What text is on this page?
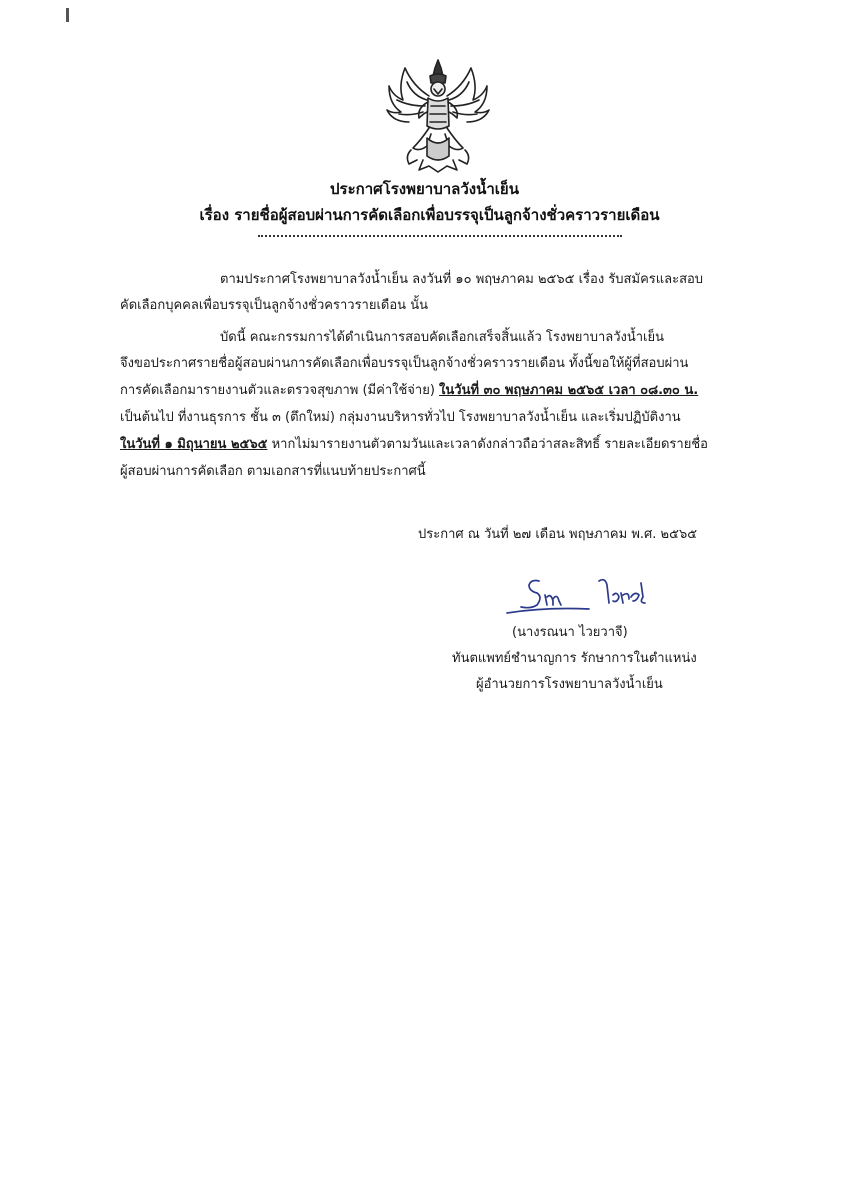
ประกาศโรงพยาบาลวังน้ำเย็น
เรื่อง รายชื่อผู้สอบผ่านการคัดเลือกเพื่อบรรจุเป็นลูกจ้างชั่วคราวรายเดือน
ตามประกาศโรงพยาบาลวังน้ำเย็น ลงวันที่ ๑๐ พฤษภาคม ๒๕๖๕ เรื่อง รับสมัครและสอบ
คัดเลือกบุคคลเพื่อบรรจุเป็นลูกจ้างชั่วคราวรายเดือน นั้น
บัดนี้ คณะกรรมการได้ดำเนินการสอบคัดเลือกเสร็จสิ้นแล้ว โรงพยาบาลวังน้ำเย็น
จึงขอประกาศรายชื่อผู้สอบผ่านการคัดเลือกเพื่อบรรจุเป็นลูกจ้างชั่วคราวรายเดือน ทั้งนี้ขอให้ผู้ที่สอบผ่าน
การคัดเลือกมารายงานตัวและตรวจสุขภาพ (มีค่าใช้จ่าย) ในวันที่ ๓๐ พฤษภาคม ๒๕๖๕ เวลา ๐๘.๓๐ น.
เป็นต้นไป ที่งานธุรการ ชั้น ๓ (ตึกใหม่) กลุ่มงานบริหารทั่วไป โรงพยาบาลวังน้ำเย็น และเริ่มปฏิบัติงาน
ในวันที่ ๑ มิถุนายน ๒๕๖๕ หากไม่มารายงานตัวตามวันและเวลาดังกล่าวถือว่าสละสิทธิ์ รายละเอียดรายชื่อ
ผู้สอบผ่านการคัดเลือก ตามเอกสารที่แนบท้ายประกาศนี้
ประกาศ ณ วันที่ ๒๗ เดือน พฤษภาคม พ.ศ. ๒๕๖๕
(นางรณนา ไวยวาจี)
ทันตแพทย์ชำนาญการ รักษาการในตำแหน่ง
ผู้อำนวยการโรงพยาบาลวังน้ำเย็น
